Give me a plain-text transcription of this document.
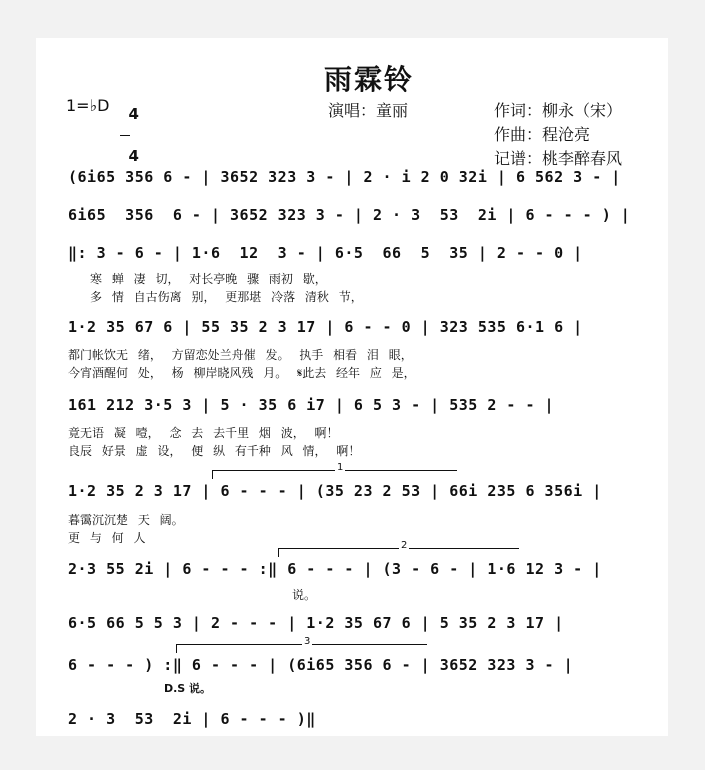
雨霖铃
1=♭D	4

4

演唱：童丽	作词：柳永（宋）
作曲：程沧亮
记谱：桃李醉春风
(6i65 356 6 - | 3652 323 3 - | 2 · i 2 0 32i | 6 562 3 - |
6i65  356  6 - | 3652 323 3 - | 2 · 3  53  2i | 6 - - - ) |
‖: 3 - 6 - | 1·6  12  3 - | 6·5  66  5  35 | 2 - - 0 |
寒 蝉 凄 切， 对长亭晚 骤 雨初 歇，
多 情 自古伤离 别， 更那堪 冷落 清秋 节，
1·2 35 67 6 | 55 35 2 3 17 | 6 - - 0 | 323 535 6·1 6 |
都门帐饮无 绪， 方留恋处兰舟催 发。 执手 相看 泪 眼，
今宵酒醒何 处， 杨 柳岸晓风残 月。 𝄋此去 经年 应 是，
161 212 3·5 3 | 5 · 35 6 i7 | 6 5 3 - | 535 2 - - |
竟无语 凝 噎， 念 去 去千里 烟 波， 啊！
良辰 好景 虚 设， 便 纵 有千种 风 情， 啊！
1
1·2 35 2 3 17 | 6 - - - | (35 23 2 53 | 66i 235 6 356i |
暮霭沉沉楚 天 阔。
更 与 何 人
2
2·3 55 2i | 6 - - - :‖ 6 - - - | (3 - 6 - | 1·6 12 3 - |
说。
6·5 66 5 5 3 | 2 - - - | 1·2 35 67 6 | 5 35 2 3 17 |
3
6 - - - ) :‖ 6 - - - | (6i65 356 6 - | 3652 323 3 - |
D.S 说。
2 · 3  53  2i | 6 - - - )‖
